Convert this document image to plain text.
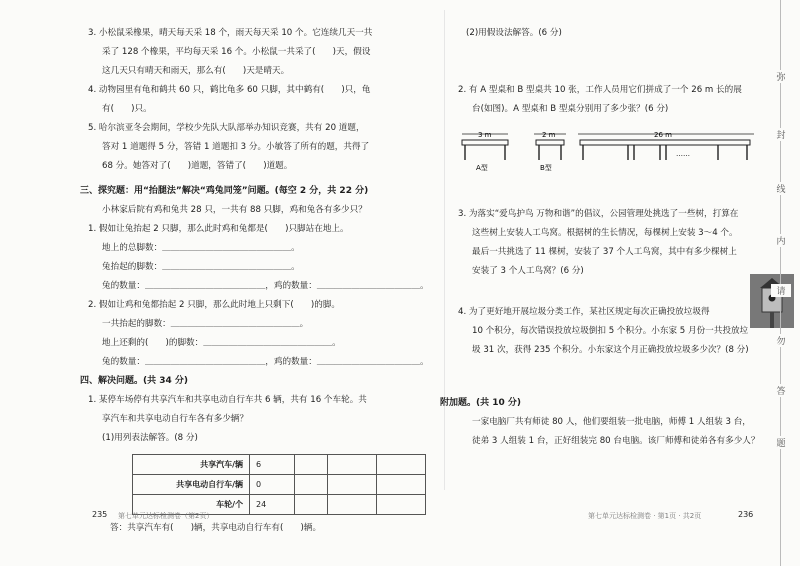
3. 小松鼠采橡果，晴天每天采 18 个，雨天每天采 10 个。它连续几天一共

采了 128 个橡果，平均每天采 16 个。小松鼠一共采了(　　)天，假设

这几天只有晴天和雨天，那么有(　　)天是晴天。

4. 动物园里有龟和鹤共 60 只，鹤比龟多 60 只脚，其中鹤有(　　)只，龟

有(　　)只。

5. 哈尔滨亚冬会期间，学校少先队大队部举办知识竞赛，共有 20 道题，

答对 1 道题得 5 分，答错 1 道题扣 3 分。小敏答了所有的题，共得了

68 分。她答对了(　　)道题，答错了(　　)道题。

三、探究题：用“抬腿法”解决“鸡兔同笼”问题。(每空 2 分，共 22 分)

小林家后院有鸡和兔共 28 只，一共有 88 只脚，鸡和兔各有多少只？

1. 假如让兔抬起 2 只脚，那么此时鸡和兔都是(　　)只脚站在地上。

地上的总脚数：＿＿＿＿＿＿＿＿＿＿＿＿＿＿＿。

兔抬起的脚数：＿＿＿＿＿＿＿＿＿＿＿＿＿＿＿。

兔的数量：＿＿＿＿＿＿＿＿＿＿＿＿＿＿，鸡的数量：＿＿＿＿＿＿＿＿＿＿＿＿。

2. 假如让鸡和兔都抬起 2 只脚，那么此时地上只剩下(　　)的脚。

一共抬起的脚数：＿＿＿＿＿＿＿＿＿＿＿＿＿＿＿。

地上还剩的(　　)的脚数：＿＿＿＿＿＿＿＿＿＿＿＿＿＿＿。

兔的数量：＿＿＿＿＿＿＿＿＿＿＿＿＿＿，鸡的数量：＿＿＿＿＿＿＿＿＿＿＿＿。

四、解决问题。(共 34 分)

1. 某停车场停有共享汽车和共享电动自行车共 6 辆，共有 16 个车轮。共

享汽车和共享电动自行车各有多少辆？

(1)用列表法解答。(8 分)

共享汽车/辆	6			
共享电动自行车/辆	0			
车轮/个	24			

答：共享汽车有(　　)辆，共享电动自行车有(　　)辆。

(2)用假设法解答。(6 分)

2. 有 A 型桌和 B 型桌共 10 张，工作人员用它们拼成了一个 26 m 长的展

台(如图)。A 型桌和 B 型桌分别用了多少张？(6 分)

3 m
A型
2 m
B型
26 m
……

3. 为落实“爱鸟护鸟 万物和谐”的倡议，公园管理处挑选了一些树，打算在

这些树上安装人工鸟窝。根据树的生长情况，每棵树上安装 3～4 个。

最后一共挑选了 11 棵树，安装了 37 个人工鸟窝，其中有多少棵树上

安装了 3 个人工鸟窝？(6 分)

4. 为了更好地开展垃圾分类工作，某社区规定每次正确投放垃圾得

10 个积分，每次错误投放垃圾倒扣 5 个积分。小东家 5 月份一共投放垃

圾 31 次，获得 235 个积分。小东家这个月正确投放垃圾多少次？(8 分)

附加题。(共 10 分)

一家电脑厂共有师徒 80 人，他们要组装一批电脑，师傅 1 人组装 3 台，

徒弟 3 人组装 1 台，正好组装完 80 台电脑。该厂师傅和徒弟各有多少人？

235 第七单元达标检测卷（第2页）	第七单元达标检测卷 · 第1页 · 共2页	236
弥
封
线
内
请
勿
答
题
